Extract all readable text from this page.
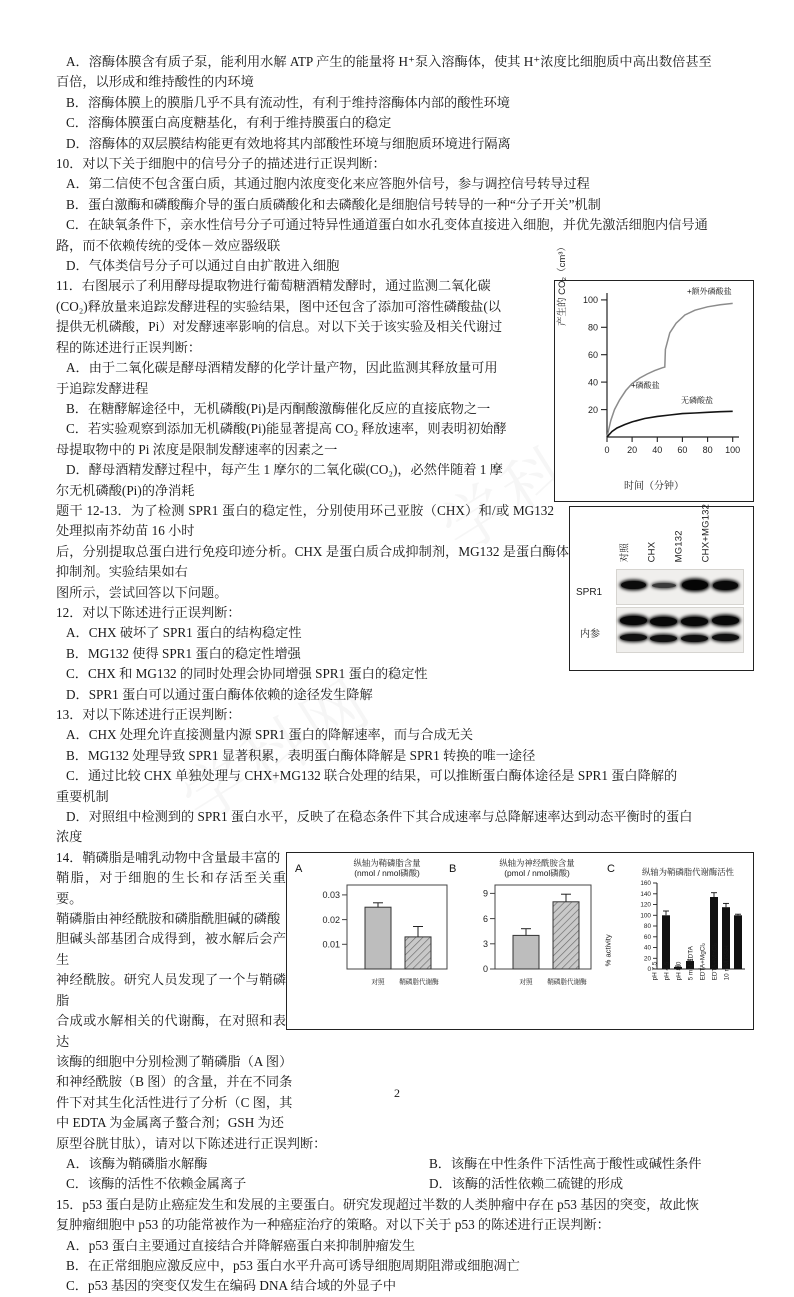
A．溶酶体膜含有质子泵，能利用水解 ATP 产生的能量将 H⁺泵入溶酶体，使其 H⁺浓度比细胞质中高出数倍甚至

百倍，以形成和维持酸性的内环境

B．溶酶体膜上的膜脂几乎不具有流动性，有利于维持溶酶体内部的酸性环境

C．溶酶体膜蛋白高度糖基化，有利于维持膜蛋白的稳定

D．溶酶体的双层膜结构能更有效地将其内部酸性环境与细胞质环境进行隔离

10．对以下关于细胞中的信号分子的描述进行正误判断：

A．第二信使不包含蛋白质，其通过胞内浓度变化来应答胞外信号，参与调控信号转导过程

B．蛋白激酶和磷酸酶介导的蛋白质磷酸化和去磷酸化是细胞信号转导的一种“分子开关”机制

C．在缺氧条件下，亲水性信号分子可通过特异性通道蛋白如水孔变体直接进入细胞，并优先激活细胞内信号通

路，而不依赖传统的受体－效应器级联

D．气体类信号分子可以通过自由扩散进入细胞	产生的 CO₂（cm³）
20
40
60
80
100
0 20 40 60 80 100
+额外磷酸盐
+磷酸盐
无磷酸盐
时间（分钟）

11．右图展示了利用酵母提取物进行葡萄糖酒精发酵时，通过监测二氧化碳

(CO₂)释放量来追踪发酵进程的实验结果，图中还包含了添加可溶性磷酸盐(以

提供无机磷酸，Pi）对发酵速率影响的信息。对以下关于该实验及相关代谢过

程的陈述进行正误判断：

A．由于二氧化碳是酵母酒精发酵的化学计量产物，因此监测其释放量可用

于追踪发酵进程

B．在糖酵解途径中，无机磷酸(Pi)是丙酮酸激酶催化反应的直接底物之一

C．若实验观察到添加无机磷酸(Pi)能显著提高 CO₂ 释放速率，则表明初始酵

母提取物中的 Pi 浓度是限制发酵速率的因素之一

D．酵母酒精发酵过程中，每产生 1 摩尔的二氧化碳(CO₂)，必然伴随着 1 摩

尔无机磷酸(Pi)的净消耗

对照	CHX	MG132	CHX+MG132
SPR1
内参

题干 12-13．为了检测 SPR1 蛋白的稳定性，分别使用环己亚胺（CHX）和/或 MG132 处理拟南芥幼苗 16 小时

后，分别提取总蛋白进行免疫印迹分析。CHX 是蛋白质合成抑制剂，MG132 是蛋白酶体抑制剂。实验结果如右

图所示，尝试回答以下问题。

12．对以下陈述进行正误判断：

A．CHX 破坏了 SPR1 蛋白的结构稳定性

B．MG132 使得 SPR1 蛋白的稳定性增强

C．CHX 和 MG132 的同时处理会协同增强 SPR1 蛋白的稳定性

D．SPR1 蛋白可以通过蛋白酶体依赖的途径发生降解

13．对以下陈述进行正误判断：

A．CHX 处理允许直接测量内源 SPR1 蛋白的降解速率，而与合成无关

B．MG132 处理导致 SPR1 显著积累，表明蛋白酶体降解是 SPR1 转换的唯一途径

C．通过比较 CHX 单独处理与 CHX+MG132 联合处理的结果，可以推断蛋白酶体途径是 SPR1 蛋白降解的

重要机制

D．对照组中检测到的 SPR1 蛋白水平，反映了在稳态条件下其合成速率与总降解速率达到动态平衡时的蛋白

浓度

A	纵轴为鞘磷脂含量
(nmol / nmol磷酸)
0.01
0.02
0.03
对照	鞘磷脂代谢酶
B	纵轴为神经酰胺含量
(pmol / nmol磷酸)
0
3
6
9
对照	鞘磷脂代谢酶
C	纵轴为鞘磷脂代谢酶活性
% activity
0
20
40
60
80
100
120
140
160
pH 7.5 pH 4.5 pH 8.0 5 mM EDTA EDTA+MgCl₂ EDTA+MnCl₂ 10 mM GSH

14．鞘磷脂是哺乳动物中含量最丰富的

鞘脂，对于细胞的生长和存活至关重要。

鞘磷脂由神经酰胺和磷脂酰胆碱的磷酸

胆碱头部基团合成得到，被水解后会产生

神经酰胺。研究人员发现了一个与鞘磷脂

合成或水解相关的代谢酶，在对照和表达

该酶的细胞中分别检测了鞘磷脂（A 图）

和神经酰胺（B 图）的含量，并在不同条

件下对其生化活性进行了分析（C 图，其

中 EDTA 为金属离子螯合剂；GSH 为还

原型谷胱甘肽），请对以下陈述进行正误判断：

A．该酶为鞘磷脂水解酶	B．该酶在中性条件下活性高于酸性或碱性条件

C．该酶的活性不依赖金属离子	D．该酶的活性依赖二硫键的形成

15．p53 蛋白是防止癌症发生和发展的主要蛋白。研究发现超过半数的人类肿瘤中存在 p53 基因的突变，故此恢

复肿瘤细胞中 p53 的功能常被作为一种癌症治疗的策略。对以下关于 p53 的陈述进行正误判断：

A．p53 蛋白主要通过直接结合并降解癌蛋白来抑制肿瘤发生

B．在正常细胞应激反应中，p53 蛋白水平升高可诱导细胞周期阻滞或细胞凋亡

C．p53 基因的突变仅发生在编码 DNA 结合域的外显子中

2
